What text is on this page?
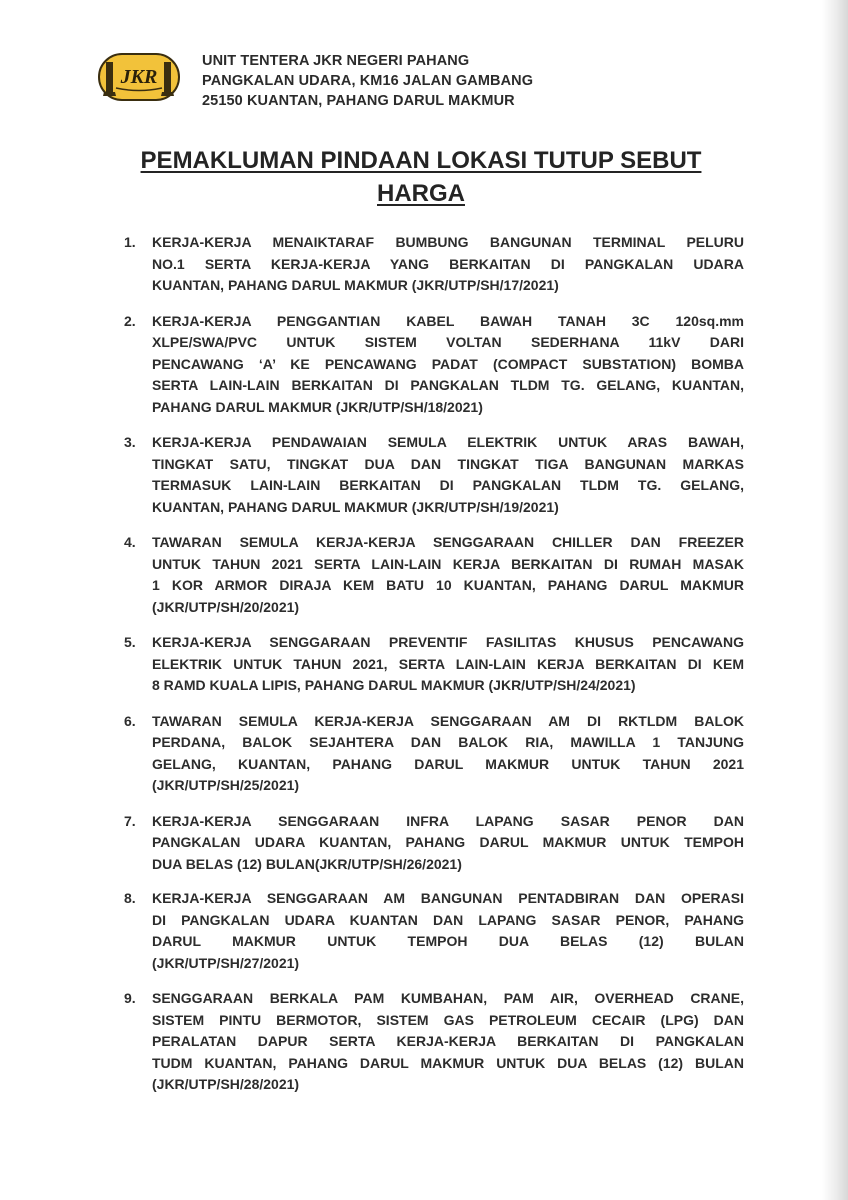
JKR
UNIT TENTERA JKR NEGERI PAHANG
PANGKALAN UDARA, KM16 JALAN GAMBANG
25150 KUANTAN, PAHANG DARUL MAKMUR
PEMAKLUMAN PINDAAN LOKASI TUTUP SEBUT
HARGA
1.	KERJA-KERJA MENAIKTARAF BUMBUNG BANGUNAN TERMINAL PELURU
NO.1 SERTA KERJA-KERJA YANG BERKAITAN DI PANGKALAN UDARA
KUANTAN, PAHANG DARUL MAKMUR (JKR/UTP/SH/17/2021)
2.	KERJA-KERJA PENGGANTIAN KABEL BAWAH TANAH 3C 120sq.mm
XLPE/SWA/PVC UNTUK SISTEM VOLTAN SEDERHANA 11kV DARI
PENCAWANG ‘A’ KE PENCAWANG PADAT (COMPACT SUBSTATION) BOMBA
SERTA LAIN-LAIN BERKAITAN DI PANGKALAN TLDM TG. GELANG, KUANTAN,
PAHANG DARUL MAKMUR (JKR/UTP/SH/18/2021)
3.	KERJA-KERJA PENDAWAIAN SEMULA ELEKTRIK UNTUK ARAS BAWAH,
TINGKAT SATU, TINGKAT DUA DAN TINGKAT TIGA BANGUNAN MARKAS
TERMASUK LAIN-LAIN BERKAITAN DI PANGKALAN TLDM TG. GELANG,
KUANTAN, PAHANG DARUL MAKMUR (JKR/UTP/SH/19/2021)
4.	TAWARAN SEMULA KERJA-KERJA SENGGARAAN CHILLER DAN FREEZER
UNTUK TAHUN 2021 SERTA LAIN-LAIN KERJA BERKAITAN DI RUMAH MASAK
1 KOR ARMOR DIRAJA KEM BATU 10 KUANTAN, PAHANG DARUL MAKMUR
(JKR/UTP/SH/20/2021)
5.	KERJA-KERJA SENGGARAAN PREVENTIF FASILITAS KHUSUS PENCAWANG
ELEKTRIK UNTUK TAHUN 2021, SERTA LAIN-LAIN KERJA BERKAITAN DI KEM
8 RAMD KUALA LIPIS, PAHANG DARUL MAKMUR (JKR/UTP/SH/24/2021)
6.	TAWARAN SEMULA KERJA-KERJA SENGGARAAN AM DI RKTLDM BALOK
PERDANA, BALOK SEJAHTERA DAN BALOK RIA, MAWILLA 1 TANJUNG
GELANG, KUANTAN, PAHANG DARUL MAKMUR UNTUK TAHUN 2021
(JKR/UTP/SH/25/2021)
7.	KERJA-KERJA SENGGARAAN INFRA LAPANG SASAR PENOR DAN
PANGKALAN UDARA KUANTAN, PAHANG DARUL MAKMUR UNTUK TEMPOH
DUA BELAS (12) BULAN(JKR/UTP/SH/26/2021)
8.	KERJA-KERJA SENGGARAAN AM BANGUNAN PENTADBIRAN DAN OPERASI
DI PANGKALAN UDARA KUANTAN DAN LAPANG SASAR PENOR, PAHANG
DARUL MAKMUR UNTUK TEMPOH DUA BELAS (12) BULAN
(JKR/UTP/SH/27/2021)
9.	SENGGARAAN BERKALA PAM KUMBAHAN, PAM AIR, OVERHEAD CRANE,
SISTEM PINTU BERMOTOR, SISTEM GAS PETROLEUM CECAIR (LPG) DAN
PERALATAN DAPUR SERTA KERJA-KERJA BERKAITAN DI PANGKALAN
TUDM KUANTAN, PAHANG DARUL MAKMUR UNTUK DUA BELAS (12) BULAN
(JKR/UTP/SH/28/2021)
